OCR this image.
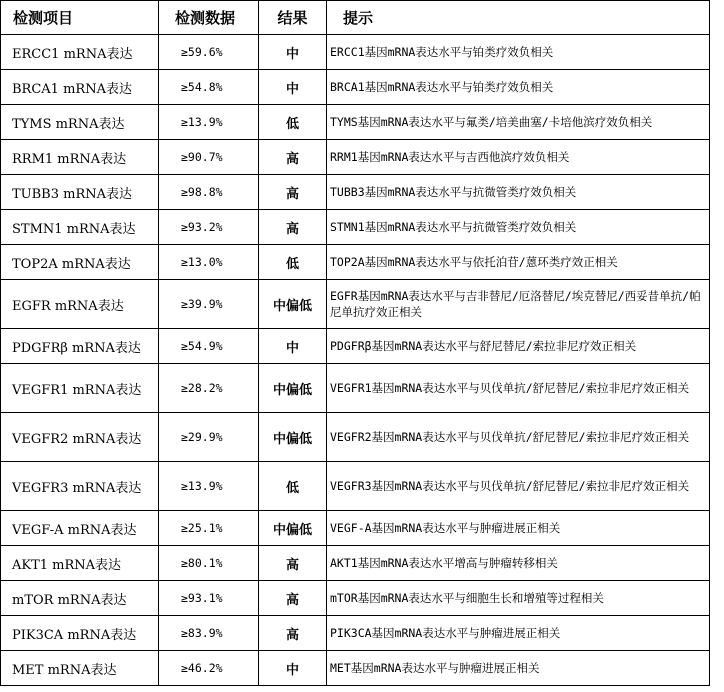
检测项目	检测数据	结果	提示
ERCC1 mRNA表达	≥59.6%	中	ERCC1基因mRNA表达水平与铂类疗效负相关
BRCA1 mRNA表达	≥54.8%	中	BRCA1基因mRNA表达水平与铂类疗效负相关
TYMS mRNA表达	≥13.9%	低	TYMS基因mRNA表达水平与氟类/培美曲塞/卡培他滨疗效负相关
RRM1 mRNA表达	≥90.7%	高	RRM1基因mRNA表达水平与吉西他滨疗效负相关
TUBB3 mRNA表达	≥98.8%	高	TUBB3基因mRNA表达水平与抗微管类疗效负相关
STMN1 mRNA表达	≥93.2%	高	STMN1基因mRNA表达水平与抗微管类疗效负相关
TOP2A mRNA表达	≥13.0%	低	TOP2A基因mRNA表达水平与依托泊苷/蒽环类疗效正相关
EGFR mRNA表达	≥39.9%	中偏低	EGFR基因mRNA表达水平与吉非替尼/厄洛替尼/埃克替尼/西妥昔单抗/帕尼单抗疗效正相关
PDGFRβ mRNA表达	≥54.9%	中	PDGFRβ基因mRNA表达水平与舒尼替尼/索拉非尼疗效正相关
VEGFR1 mRNA表达	≥28.2%	中偏低	VEGFR1基因mRNA表达水平与贝伐单抗/舒尼替尼/索拉非尼疗效正相关
VEGFR2 mRNA表达	≥29.9%	中偏低	VEGFR2基因mRNA表达水平与贝伐单抗/舒尼替尼/索拉非尼疗效正相关
VEGFR3 mRNA表达	≥13.9%	低	VEGFR3基因mRNA表达水平与贝伐单抗/舒尼替尼/索拉非尼疗效正相关
VEGF-A mRNA表达	≥25.1%	中偏低	VEGF-A基因mRNA表达水平与肿瘤进展正相关
AKT1 mRNA表达	≥80.1%	高	AKT1基因mRNA表达水平增高与肿瘤转移相关
mTOR mRNA表达	≥93.1%	高	mTOR基因mRNA表达水平与细胞生长和增殖等过程相关
PIK3CA mRNA表达	≥83.9%	高	PIK3CA基因mRNA表达水平与肿瘤进展正相关
MET mRNA表达	≥46.2%	中	MET基因mRNA表达水平与肿瘤进展正相关
